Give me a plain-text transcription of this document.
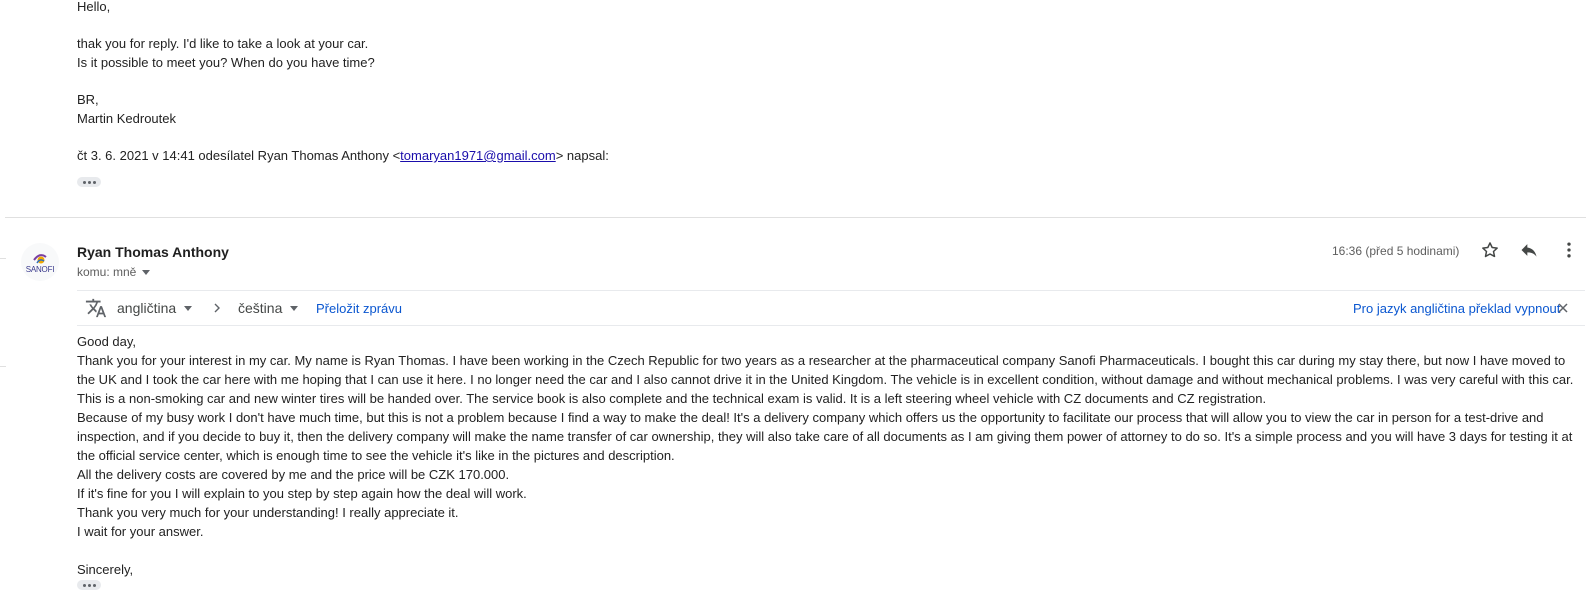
Hello,
thak you for reply. I'd like to take a look at your car.
Is it possible to meet you? When do you have time?
BR,
Martin Kedroutek
čt 3. 6. 2021 v 14:41 odesílatel Ryan Thomas Anthony <tomaryan1971@gmail.com> napsal:
SANOFI
Ryan Thomas Anthony
komu: mně
16:36 (před 5 hodinami)
angličtina	čeština	Přeložit zprávu	Pro jazyk angličtina překlad vypnout

Good day,

Thank you for your interest in my car. My name is Ryan Thomas. I have been working in the Czech Republic for two years as a researcher at the pharmaceutical company Sanofi Pharmaceuticals. I bought this car during my stay there, but now I have moved to the UK and I took the car here with me hoping that I can use it here. I no longer need the car and I also cannot drive it in the United Kingdom. The vehicle is in excellent condition, without damage and without mechanical problems. I was very careful with this car.

This is a non-smoking car and new winter tires will be handed over. The service book is also complete and the technical exam is valid. It is a left steering wheel vehicle with CZ documents and CZ registration.

Because of my busy work I don't have much time, but this is not a problem because I find a way to make the deal! It's a delivery company which offers us the opportunity to facilitate our process that will allow you to view the car in person for a test-drive and inspection, and if you decide to buy it, then the delivery company will make the name transfer of car ownership, they will also take care of all documents as I am giving them power of attorney to do so. It's a simple process and you will have 3 days for testing it at the official service center, which is enough time to see the vehicle it's like in the pictures and description.

All the delivery costs are covered by me and the price will be CZK 170.000.

If it's fine for you I will explain to you step by step again how the deal will work.

Thank you very much for your understanding! I really appreciate it.

I wait for your answer.

Sincerely,
